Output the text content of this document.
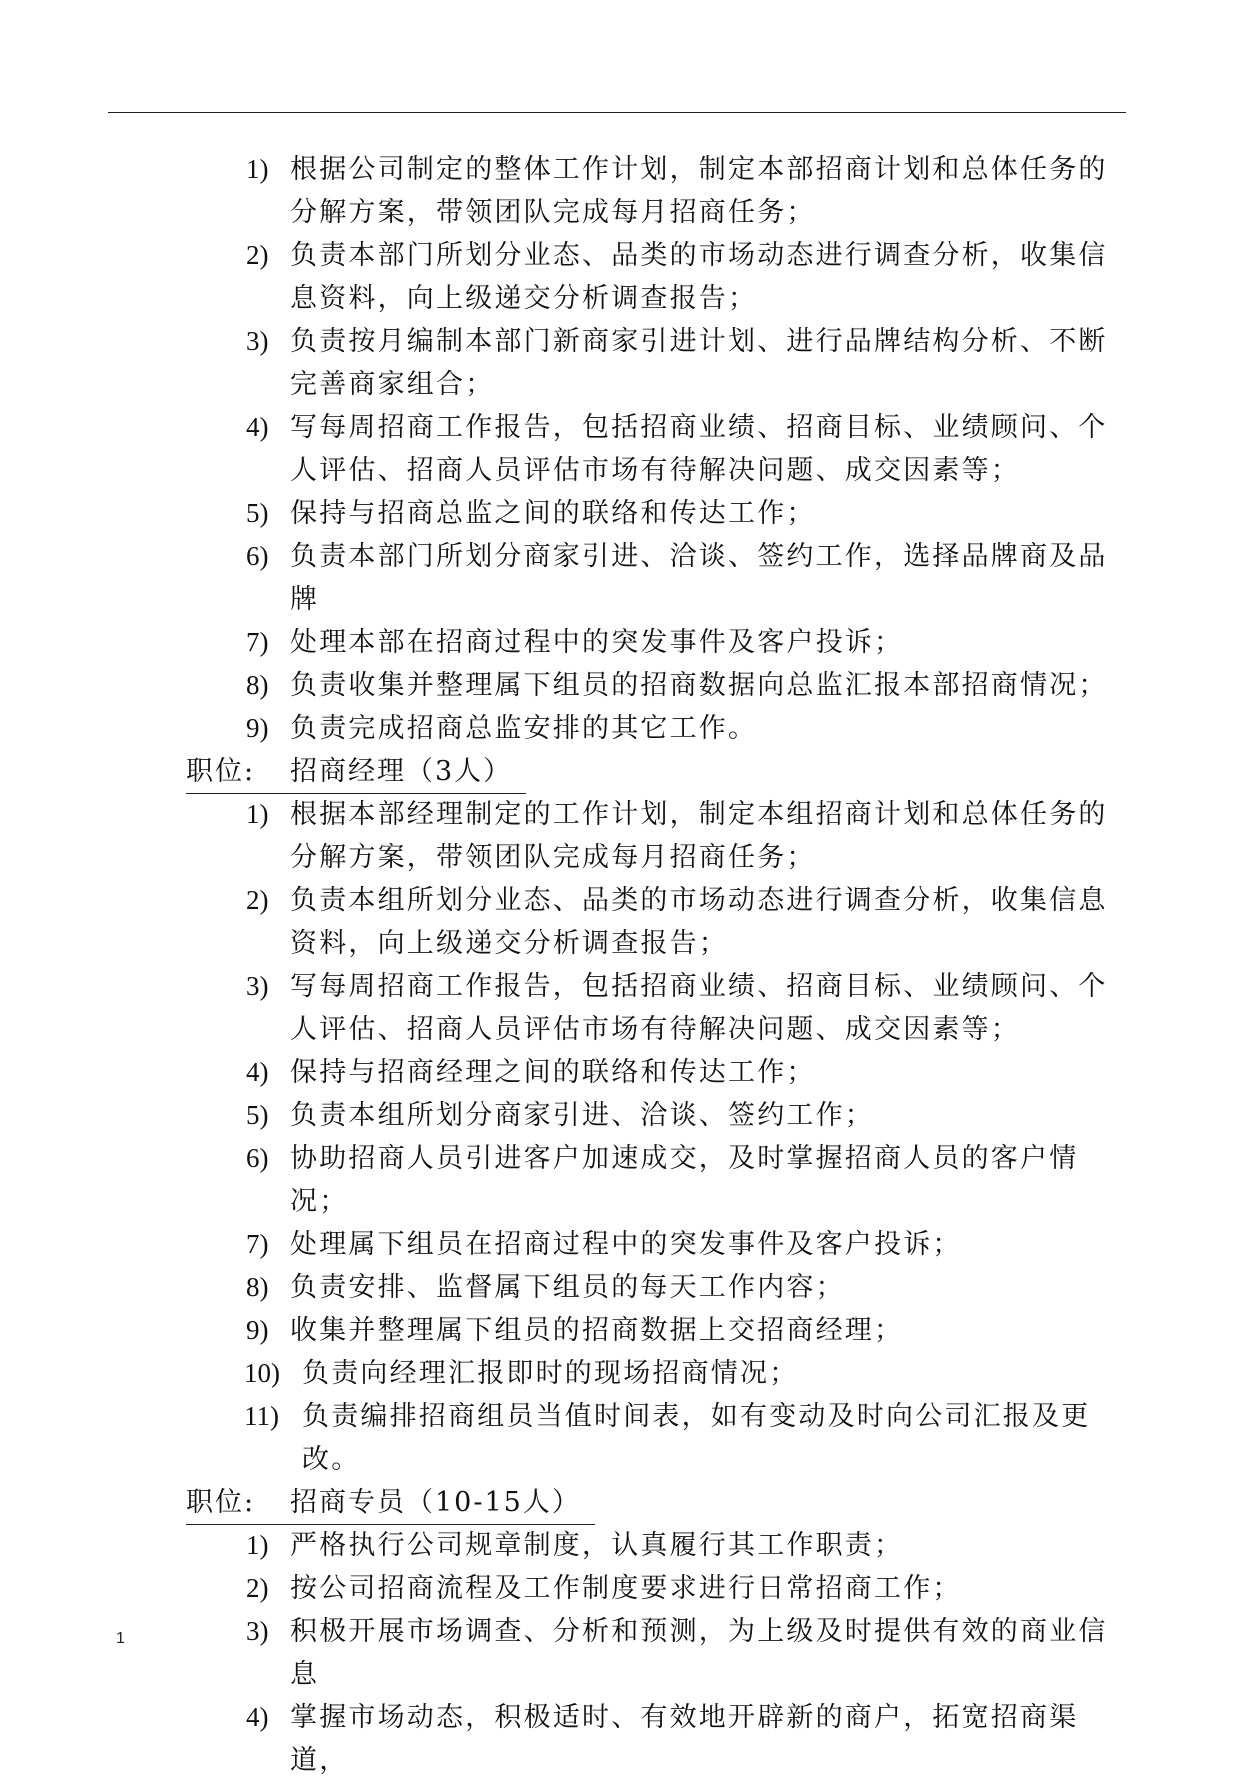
1) 根据公司制定的整体工作计划，制定本部招商计划和总体任务的分解方案，带领团队完成每月招商任务；

2) 负责本部门所划分业态、品类的市场动态进行调查分析，收集信息资料，向上级递交分析调查报告；

3) 负责按月编制本部门新商家引进计划、进行品牌结构分析、不断完善商家组合；

4) 写每周招商工作报告，包括招商业绩、招商目标、业绩顾问、个人评估、招商人员评估市场有待解决问题、成交因素等；

5) 保持与招商总监之间的联络和传达工作；

6) 负责本部门所划分商家引进、洽谈、签约工作，选择品牌商及品牌

7) 处理本部在招商过程中的突发事件及客户投诉；

8) 负责收集并整理属下组员的招商数据向总监汇报本部招商情况；

9) 负责完成招商总监安排的其它工作。

职位: 招商经理（3人）

1) 根据本部经理制定的工作计划，制定本组招商计划和总体任务的分解方案，带领团队完成每月招商任务；

2) 负责本组所划分业态、品类的市场动态进行调查分析，收集信息资料，向上级递交分析调查报告；

3) 写每周招商工作报告，包括招商业绩、招商目标、业绩顾问、个人评估、招商人员评估市场有待解决问题、成交因素等；

4) 保持与招商经理之间的联络和传达工作；

5) 负责本组所划分商家引进、洽谈、签约工作；

6) 协助招商人员引进客户加速成交，及时掌握招商人员的客户情况；

7) 处理属下组员在招商过程中的突发事件及客户投诉；

8) 负责安排、监督属下组员的每天工作内容；

9) 收集并整理属下组员的招商数据上交招商经理；

10) 负责向经理汇报即时的现场招商情况；

11) 负责编排招商组员当值时间表，如有变动及时向公司汇报及更改。

职位: 招商专员（10-15人）

1) 严格执行公司规章制度，认真履行其工作职责；

2) 按公司招商流程及工作制度要求进行日常招商工作；

3) 积极开展市场调查、分析和预测，为上级及时提供有效的商业信息

4) 掌握市场动态，积极适时、有效地开辟新的商户，拓宽招商渠道，

1
